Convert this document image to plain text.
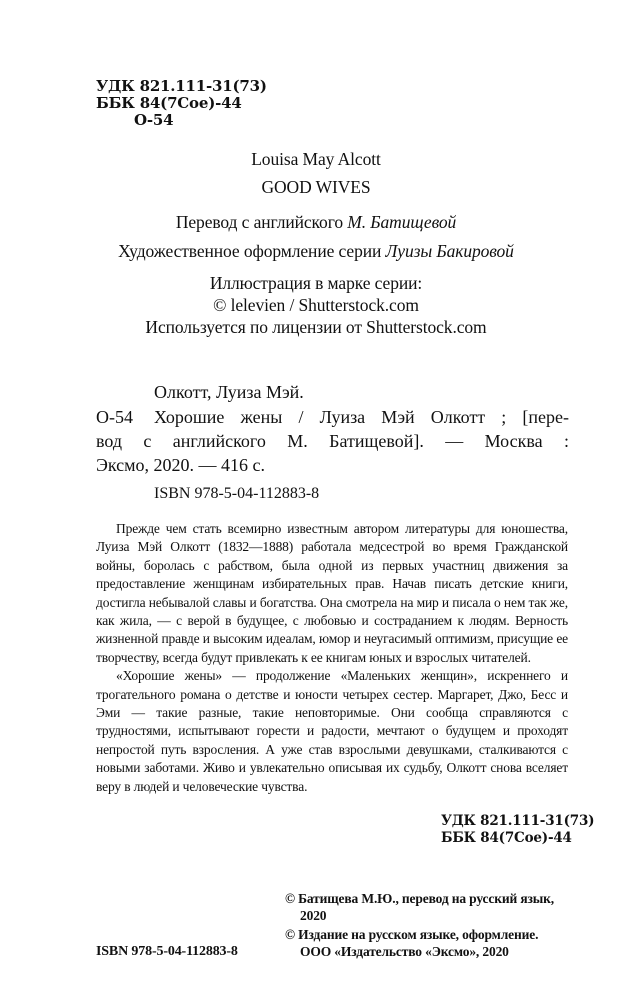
УДК 821.111-31(73)
ББК 84(7Сое)-44
О-54
Louisa May Alcott
GOOD WIVES
Перевод с английского М. Батищевой
Художественное оформление серии Луизы Бакировой
Иллюстрация в марке серии:
© lelevien / Shutterstock.com
Используется по лицензии от Shutterstock.com
Олкотт, Луиза Мэй.
О-54 Хорошие жены / Луиза Мэй Олкотт ; [пере-
вод с английского М. Батищевой]. — Москва :
Эксмо, 2020. — 416 с.
ISBN 978-5-04-112883-8

Прежде чем стать всемирно известным автором литературы для юношества, Луиза Мэй Олкотт (1832—1888) работала медсестрой во время Гражданской войны, боролась с рабством, была одной из первых участниц движения за предоставление женщинам избирательных прав. Начав писать детские книги, достигла небывалой славы и богатства. Она смотрела на мир и писала о нем так же, как жила, — с верой в будущее, с любовью и состраданием к людям. Верность жизненной правде и высоким идеалам, юмор и неугасимый оптимизм, присущие ее творчеству, всегда будут привлекать к ее книгам юных и взрослых читателей.

«Хорошие жены» — продолжение «Маленьких женщин», искреннего и трогательного романа о детстве и юности четырех сестер. Маргарет, Джо, Бесс и Эми — такие разные, такие неповторимые. Они сообща справляются с трудностями, испытывают горести и радости, мечтают о будущем и проходят непростой путь взросления. А уже став взрослыми девушками, сталкиваются с новыми заботами. Живо и увлекательно описывая их судьбу, Олкотт снова вселяет веру в людей и человеческие чувства.

УДК 821.111-31(73)
ББК 84(7Сое)-44
© Батищева М.Ю., перевод на русский язык,
2020
© Издание на русском языке, оформление.
ООО «Издательство «Эксмо», 2020
ISBN 978-5-04-112883-8
